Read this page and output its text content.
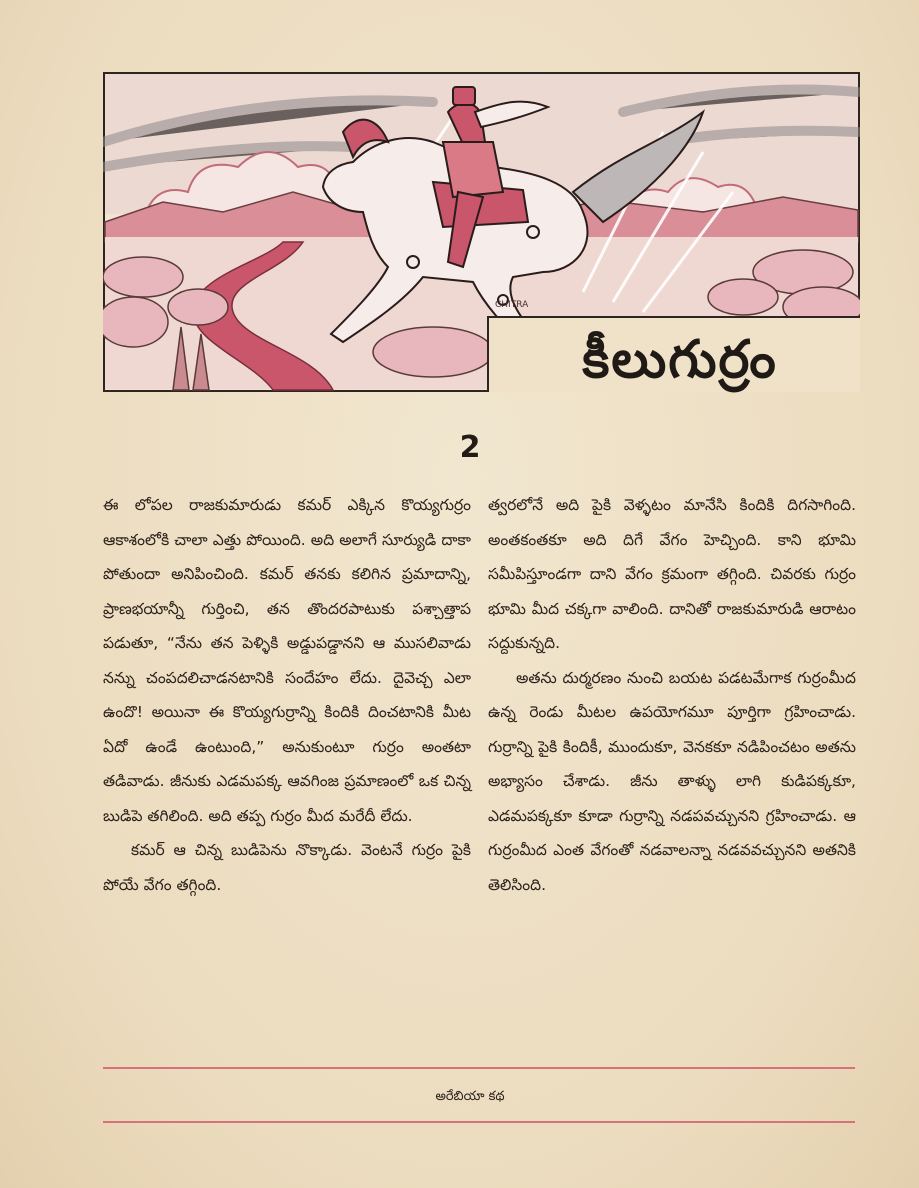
CHITRA
కీలుగుర్రం
2

ఈ లోపల రాజకుమారుడు కమర్ ఎక్కిన కొయ్యగుర్రం ఆకాశంలోకి చాలా ఎత్తు పోయింది. అది అలాగే సూర్యుడి దాకా పోతుందా అనిపించింది. కమర్ తనకు కలిగిన ప్రమాదాన్ని, ప్రాణభయాన్నీ గుర్తించి, తన తొందరపాటుకు పశ్చాత్తాప పడుతూ, “నేను తన పెళ్ళికి అడ్డుపడ్డానని ఆ ముసలివాడు నన్ను చంపదలిచాడనటానికి సందేహం లేదు. దైవెచ్చ ఎలా ఉందొ! అయినా ఈ కొయ్యగుర్రాన్ని కిందికి దించటానికి మీట ఏదో ఉండే ఉంటుంది,” అనుకుంటూ గుర్రం అంతటా తడివాడు. జీనుకు ఎడమపక్క ఆవగింజ ప్రమాణంలో ఒక చిన్న బుడిపె తగిలింది. అది తప్ప గుర్రం మీద మరేదీ లేదు.

కమర్ ఆ చిన్న బుడిపెను నొక్కాడు. వెంటనే గుర్రం పైకి పోయే వేగం తగ్గింది.

త్వరలోనే అది పైకి వెళ్ళటం మానేసి కిందికి దిగసాగింది. అంతకంతకూ అది దిగే వేగం హెచ్చింది. కాని భూమి సమీపిస్తూండగా దాని వేగం క్రమంగా తగ్గింది. చివరకు గుర్రం భూమి మీద చక్కగా వాలింది. దానితో రాజకుమారుడి ఆరాటం సద్దుకున్నది.

అతను దుర్మరణం నుంచి బయట పడటమేగాక గుర్రంమీద ఉన్న రెండు మీటల ఉపయోగమూ పూర్తిగా గ్రహించాడు. గుర్రాన్ని పైకి కిందికీ, ముందుకూ, వెనకకూ నడిపించటం అతను అభ్యాసం చేశాడు. జీను తాళ్ళు లాగి కుడిపక్కకూ, ఎడమపక్కకూ కూడా గుర్రాన్ని నడపవచ్చునని గ్రహించాడు. ఆ గుర్రంమీద ఎంత వేగంతో నడవాలన్నా నడవవచ్చునని అతనికి తెలిసింది.

అరేబియా కథ
